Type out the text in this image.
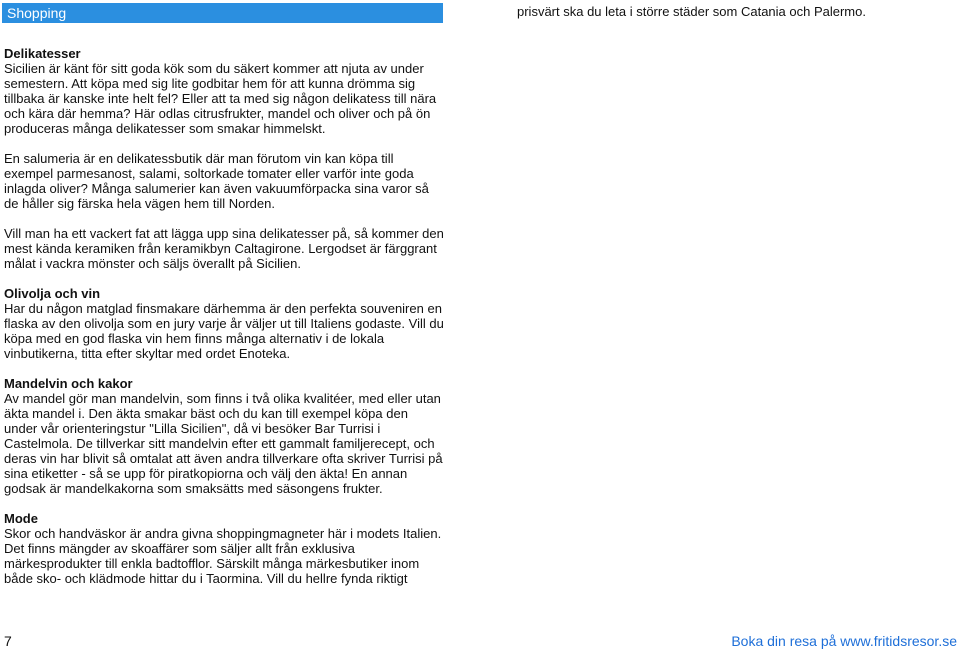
Shopping	prisvärt ska du leta i större städer som Catania och Palermo.
Delikatesser

Sicilien är känt för sitt goda kök som du säkert kommer att njuta av under semestern. Att köpa med sig lite godbitar hem för att kunna drömma sig tillbaka är kanske inte helt fel? Eller att ta med sig någon delikatess till nära och kära där hemma? Här odlas citrusfrukter, mandel och oliver och på ön produceras många delikatesser som smakar himmelskt.

En salumeria är en delikatessbutik där man förutom vin kan köpa till exempel parmesanost, salami, soltorkade tomater eller varför inte goda inlagda oliver? Många salumerier kan även vakuumförpacka sina varor så de håller sig färska hela vägen hem till Norden.

Vill man ha ett vackert fat att lägga upp sina delikatesser på, så kommer den mest kända keramiken från keramikbyn Caltagirone. Lergodset är färggrant målat i vackra mönster och säljs överallt på Sicilien.

Olivolja och vin

Har du någon matglad finsmakare därhemma är den perfekta souveniren en flaska av den olivolja som en jury varje år väljer ut till Italiens godaste. Vill du köpa med en god flaska vin hem finns många alternativ i de lokala vinbutikerna, titta efter skyltar med ordet Enoteka.

Mandelvin och kakor

Av mandel gör man mandelvin, som finns i två olika kvalitéer, med eller utan äkta mandel i. Den äkta smakar bäst och du kan till exempel köpa den under vår orienteringstur "Lilla Sicilien", då vi besöker Bar Turrisi i Castelmola. De tillverkar sitt mandelvin efter ett gammalt familjerecept, och deras vin har blivit så omtalat att även andra tillverkare ofta skriver Turrisi på sina etiketter - så se upp för piratkopiorna och välj den äkta! En annan godsak är mandelkakorna som smaksätts med säsongens frukter.

Mode

Skor och handväskor är andra givna shoppingmagneter här i modets Italien. Det finns mängder av skoaffärer som säljer allt från exklusiva märkesprodukter till enkla badtofflor. Särskilt många märkesbutiker inom både sko- och klädmode hittar du i Taormina. Vill du hellre fynda riktigt

7	Boka din resa på www.fritidsresor.se
